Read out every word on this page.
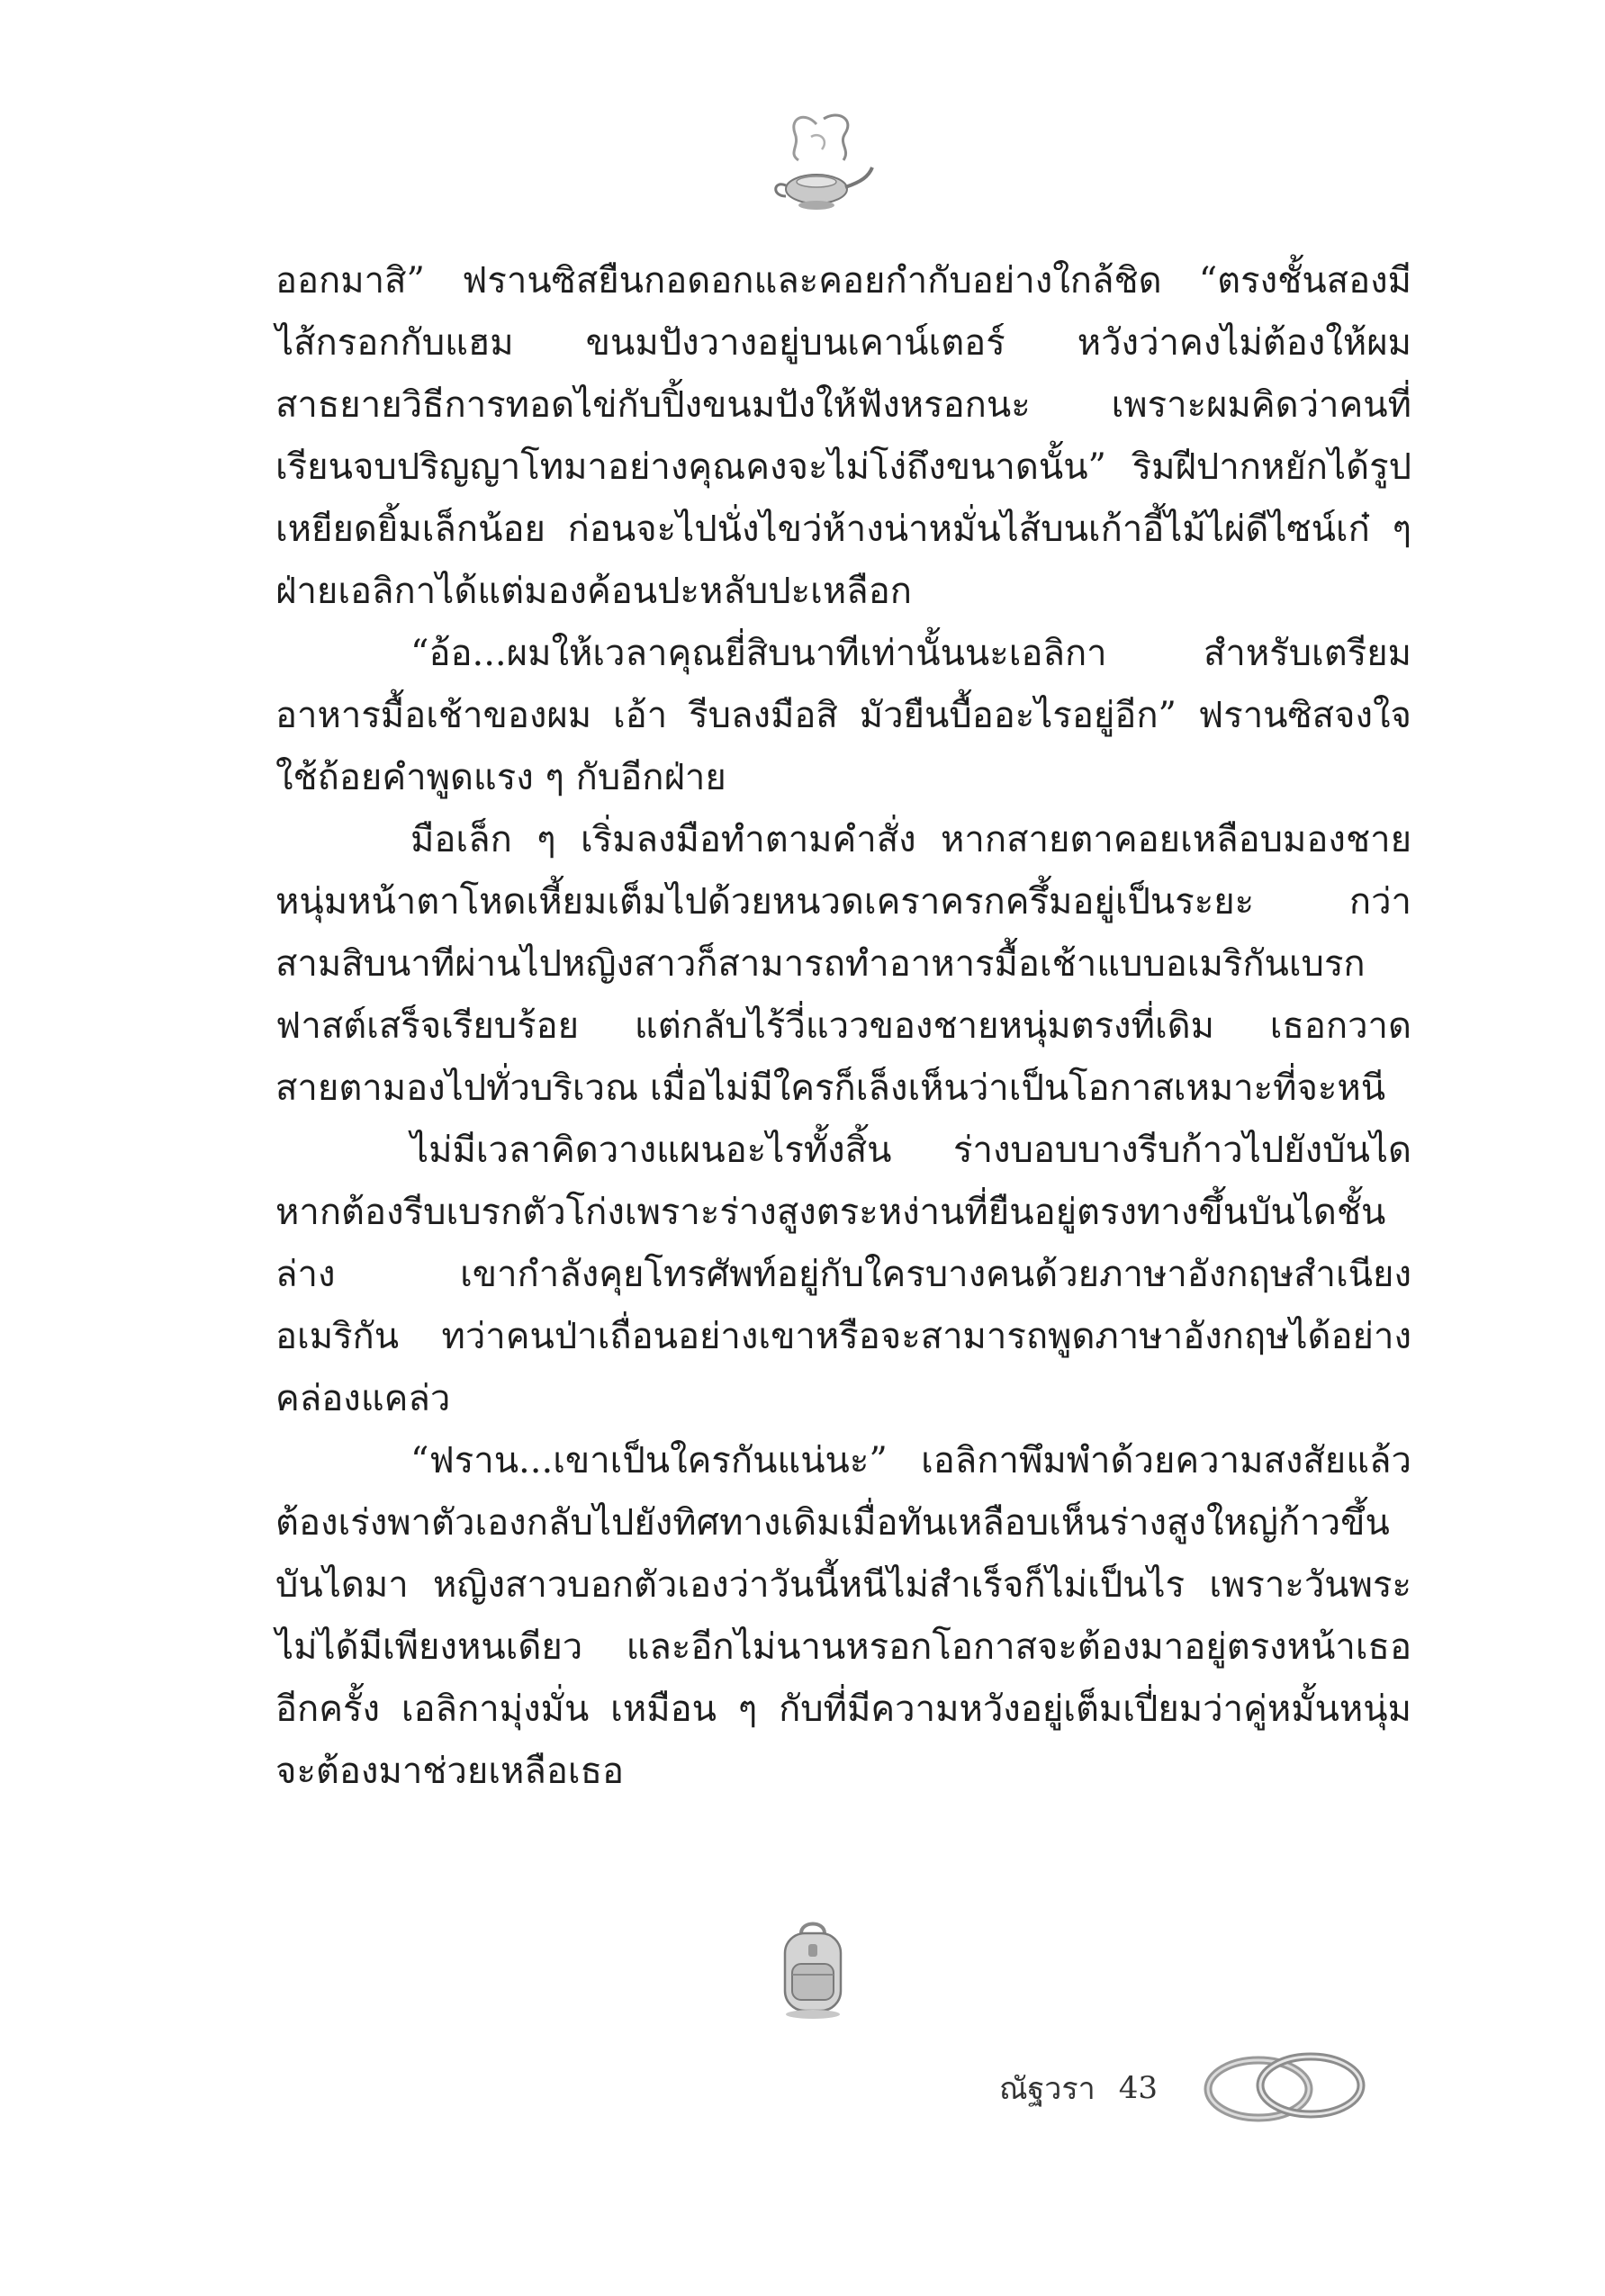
ออกมาสิ” ฟรานซิสยืนกอดอกและคอยกำกับอย่างใกล้ชิด “ตรงชั้นสองมีไส้กรอกกับแฮม ขนมปังวางอยู่บนเคาน์เตอร์ หวังว่าคงไม่ต้องให้ผมสาธยายวิธีการทอดไข่กับปิ้งขนมปังให้ฟังหรอกนะ เพราะผมคิดว่าคนที่เรียนจบปริญญาโทมาอย่างคุณคงจะไม่โง่ถึงขนาดนั้น” ริมฝีปากหยักได้รูปเหยียดยิ้มเล็กน้อย ก่อนจะไปนั่งไขว่ห้างน่าหมั่นไส้บนเก้าอี้ไม้ไผ่ดีไซน์เก๋ ๆ ฝ่ายเอลิกาได้แต่มองค้อนปะหลับปะเหลือก

“อ้อ...ผมให้เวลาคุณยี่สิบนาทีเท่านั้นนะเอลิกา สำหรับเตรียมอาหารมื้อเช้าของผม เอ้า รีบลงมือสิ มัวยืนบื้ออะไรอยู่อีก” ฟรานซิสจงใจใช้ถ้อยคำพูดแรง ๆ กับอีกฝ่าย

มือเล็ก ๆ เริ่มลงมือทำตามคำสั่ง หากสายตาคอยเหลือบมองชายหนุ่มหน้าตาโหดเหี้ยมเต็มไปด้วยหนวดเคราครกครึ้มอยู่เป็นระยะ กว่าสามสิบนาทีผ่านไปหญิงสาวก็สามารถทำอาหารมื้อเช้าแบบอเมริกันเบรกฟาสต์เสร็จเรียบร้อย แต่กลับไร้วี่แววของชายหนุ่มตรงที่เดิม เธอกวาดสายตามองไปทั่วบริเวณ เมื่อไม่มีใครก็เล็งเห็นว่าเป็นโอกาสเหมาะที่จะหนี

ไม่มีเวลาคิดวางแผนอะไรทั้งสิ้น ร่างบอบบางรีบก้าวไปยังบันไดหากต้องรีบเบรกตัวโก่งเพราะร่างสูงตระหง่านที่ยืนอยู่ตรงทางขึ้นบันไดชั้นล่าง เขากำลังคุยโทรศัพท์อยู่กับใครบางคนด้วยภาษาอังกฤษสำเนียงอเมริกัน ทว่าคนป่าเถื่อนอย่างเขาหรือจะสามารถพูดภาษาอังกฤษได้อย่างคล่องแคล่ว

“ฟราน...เขาเป็นใครกันแน่นะ” เอลิกาพึมพำด้วยความสงสัยแล้วต้องเร่งพาตัวเองกลับไปยังทิศทางเดิมเมื่อทันเหลือบเห็นร่างสูงใหญ่ก้าวขึ้นบันไดมา หญิงสาวบอกตัวเองว่าวันนี้หนีไม่สำเร็จก็ไม่เป็นไร เพราะวันพระไม่ได้มีเพียงหนเดียว และอีกไม่นานหรอกโอกาสจะต้องมาอยู่ตรงหน้าเธออีกครั้ง เอลิกามุ่งมั่น เหมือน ๆ กับที่มีความหวังอยู่เต็มเปี่ยมว่าคู่หมั้นหนุ่มจะต้องมาช่วยเหลือเธอ

ณัฐวรา 43
